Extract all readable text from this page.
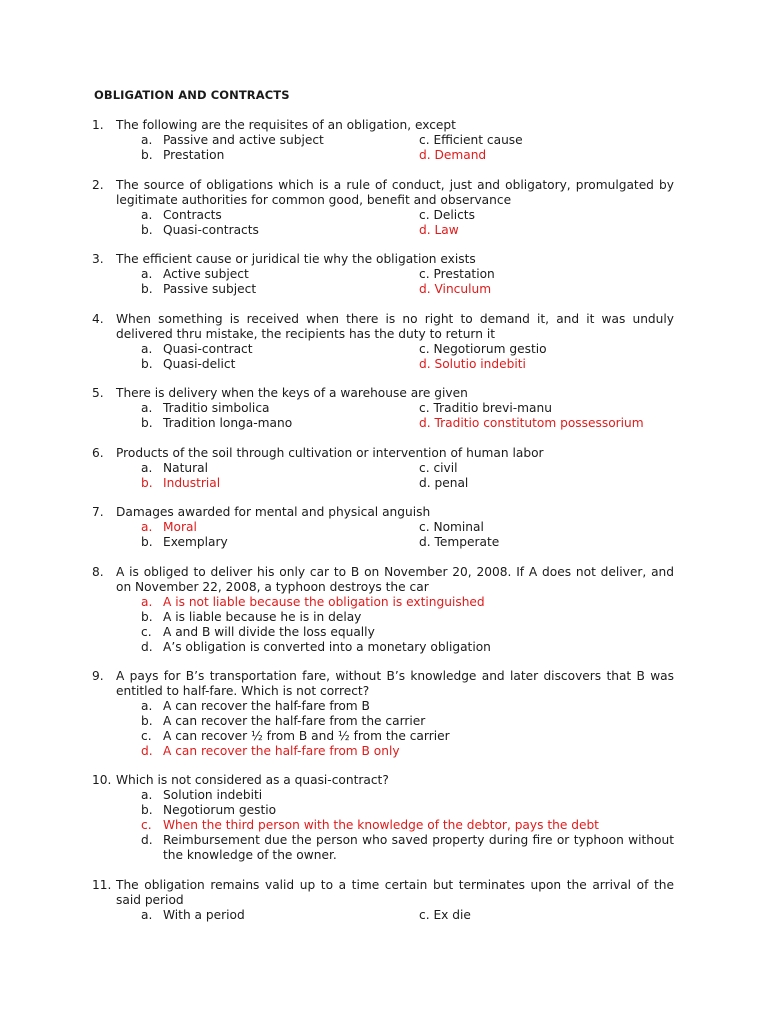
OBLIGATION AND CONTRACTS
1. The following are the requisites of an obligation, except
a. Passive and active subject	c. Efficient cause
b. Prestation	d. Demand
2. The source of obligations which is a rule of conduct, just and obligatory, promulgated by legitimate authorities for common good, benefit and observance
a. Contracts	c. Delicts
b. Quasi-contracts	d. Law
3. The efficient cause or juridical tie why the obligation exists
a. Active subject	c. Prestation
b. Passive subject	d. Vinculum
4. When something is received when there is no right to demand it, and it was unduly delivered thru mistake, the recipients has the duty to return it
a. Quasi-contract	c. Negotiorum gestio
b. Quasi-delict	d. Solutio indebiti
5. There is delivery when the keys of a warehouse are given
a. Traditio simbolica	c. Traditio brevi-manu
b. Tradition longa-mano	d. Traditio constitutom possessorium
6. Products of the soil through cultivation or intervention of human labor
a. Natural	c. civil
b. Industrial	d. penal
7. Damages awarded for mental and physical anguish
a. Moral	c. Nominal
b. Exemplary	d. Temperate
8. A is obliged to deliver his only car to B on November 20, 2008. If A does not deliver, and on November 22, 2008, a typhoon destroys the car
a. A is not liable because the obligation is extinguished
b. A is liable because he is in delay
c. A and B will divide the loss equally
d. A’s obligation is converted into a monetary obligation
9. A pays for B’s transportation fare, without B’s knowledge and later discovers that B was entitled to half-fare. Which is not correct?
a. A can recover the half-fare from B
b. A can recover the half-fare from the carrier
c. A can recover ½ from B and ½ from the carrier
d. A can recover the half-fare from B only
10. Which is not considered as a quasi-contract?
a. Solution indebiti
b. Negotiorum gestio
c. When the third person with the knowledge of the debtor, pays the debt
d. Reimbursement due the person who saved property during fire or typhoon without the knowledge of the owner.
11. The obligation remains valid up to a time certain but terminates upon the arrival of the said period
a. With a period	c. Ex die
